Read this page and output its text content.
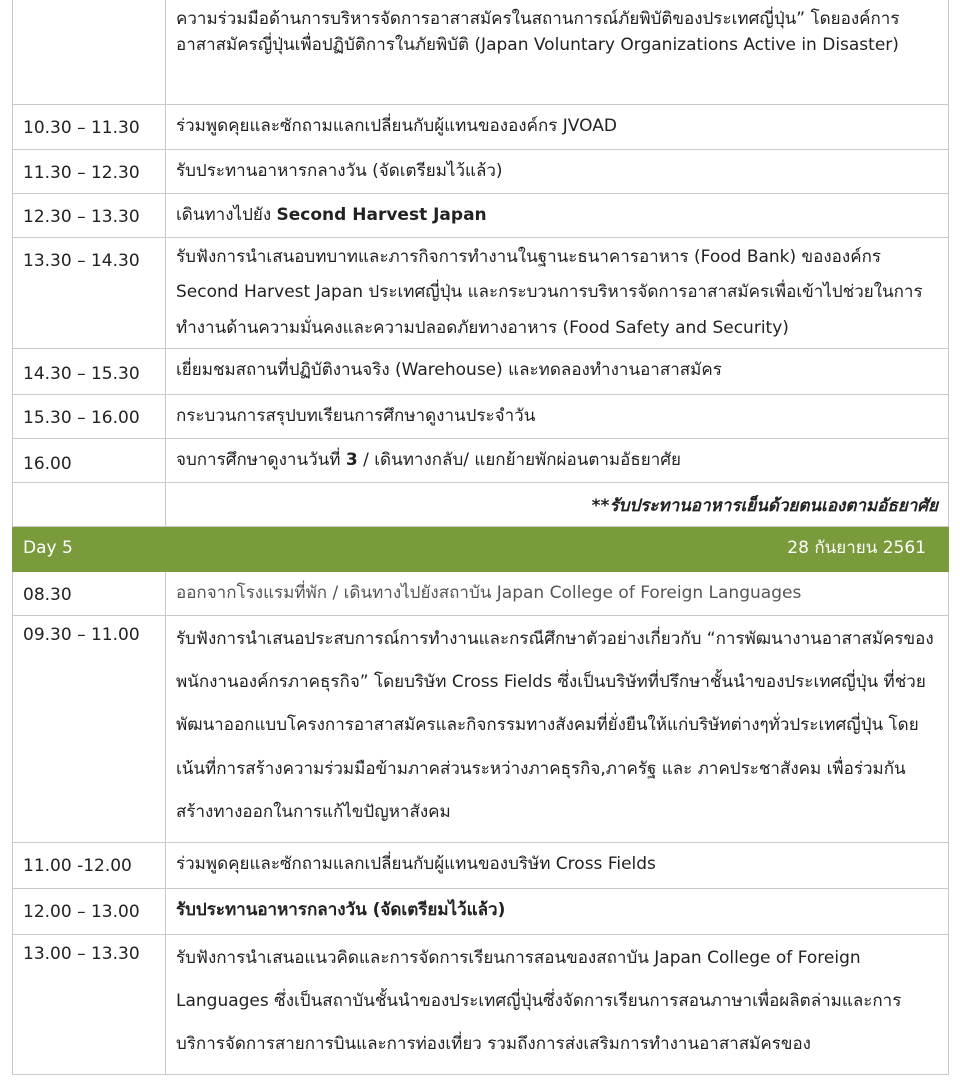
	ความร่วมมือด้านการบริหารจัดการอาสาสมัครในสถานการณ์ภัยพิบัติของประเทศญี่ปุ่น” โดยองค์การอาสาสมัครญี่ปุ่นเพื่อปฏิบัติการในภัยพิบัติ (Japan Voluntary Organizations Active in Disaster)
10.30 – 11.30	ร่วมพูดคุยและซักถามแลกเปลี่ยนกับผู้แทนขององค์กร JVOAD
11.30 – 12.30	รับประทานอาหารกลางวัน (จัดเตรียมไว้แล้ว)
12.30 – 13.30	เดินทางไปยัง Second Harvest Japan
13.30 – 14.30	รับฟังการนำเสนอบทบาทและภารกิจการทำงานในฐานะธนาคารอาหาร (Food Bank) ขององค์กร Second Harvest Japan ประเทศญี่ปุ่น และกระบวนการบริหารจัดการอาสาสมัครเพื่อเข้าไปช่วยในการทำงานด้านความมั่นคงและความปลอดภัยทางอาหาร (Food Safety and Security)
14.30 – 15.30	เยี่ยมชมสถานที่ปฏิบัติงานจริง (Warehouse) และทดลองทำงานอาสาสมัคร
15.30 – 16.00	กระบวนการสรุปบทเรียนการศึกษาดูงานประจำวัน
16.00	จบการศึกษาดูงานวันที่ 3 / เดินทางกลับ/ แยกย้ายพักผ่อนตามอัธยาศัย
	**รับประทานอาหารเย็นด้วยตนเองตามอัธยาศัย
Day 5	28 กันยายน 2561
08.30	ออกจากโรงแรมที่พัก / เดินทางไปยังสถาบัน Japan College of Foreign Languages
09.30 – 11.00	รับฟังการนำเสนอประสบการณ์การทำงานและกรณีศึกษาตัวอย่างเกี่ยวกับ “การพัฒนางานอาสาสมัครของพนักงานองค์กรภาคธุรกิจ” โดยบริษัท Cross Fields ซึ่งเป็นบริษัทที่ปรึกษาชั้นนำของประเทศญี่ปุ่น ที่ช่วยพัฒนาออกแบบโครงการอาสาสมัครและกิจกรรมทางสังคมที่ยั่งยืนให้แก่บริษัทต่างๆทั่วประเทศญี่ปุ่น โดยเน้นที่การสร้างความร่วมมือข้ามภาคส่วนระหว่างภาคธุรกิจ,ภาครัฐ และ ภาคประชาสังคม เพื่อร่วมกันสร้างทางออกในการแก้ไขปัญหาสังคม
11.00 -12.00	ร่วมพูดคุยและซักถามแลกเปลี่ยนกับผู้แทนของบริษัท Cross Fields
12.00 – 13.00	รับประทานอาหารกลางวัน (จัดเตรียมไว้แล้ว)
13.00 – 13.30	รับฟังการนำเสนอแนวคิดและการจัดการเรียนการสอนของสถาบัน Japan College of Foreign Languages ซึ่งเป็นสถาบันชั้นนำของประเทศญี่ปุ่นซึ่งจัดการเรียนการสอนภาษาเพื่อผลิตล่ามและการบริการจัดการสายการบินและการท่องเที่ยว รวมถึงการส่งเสริมการทำงานอาสาสมัครของ
